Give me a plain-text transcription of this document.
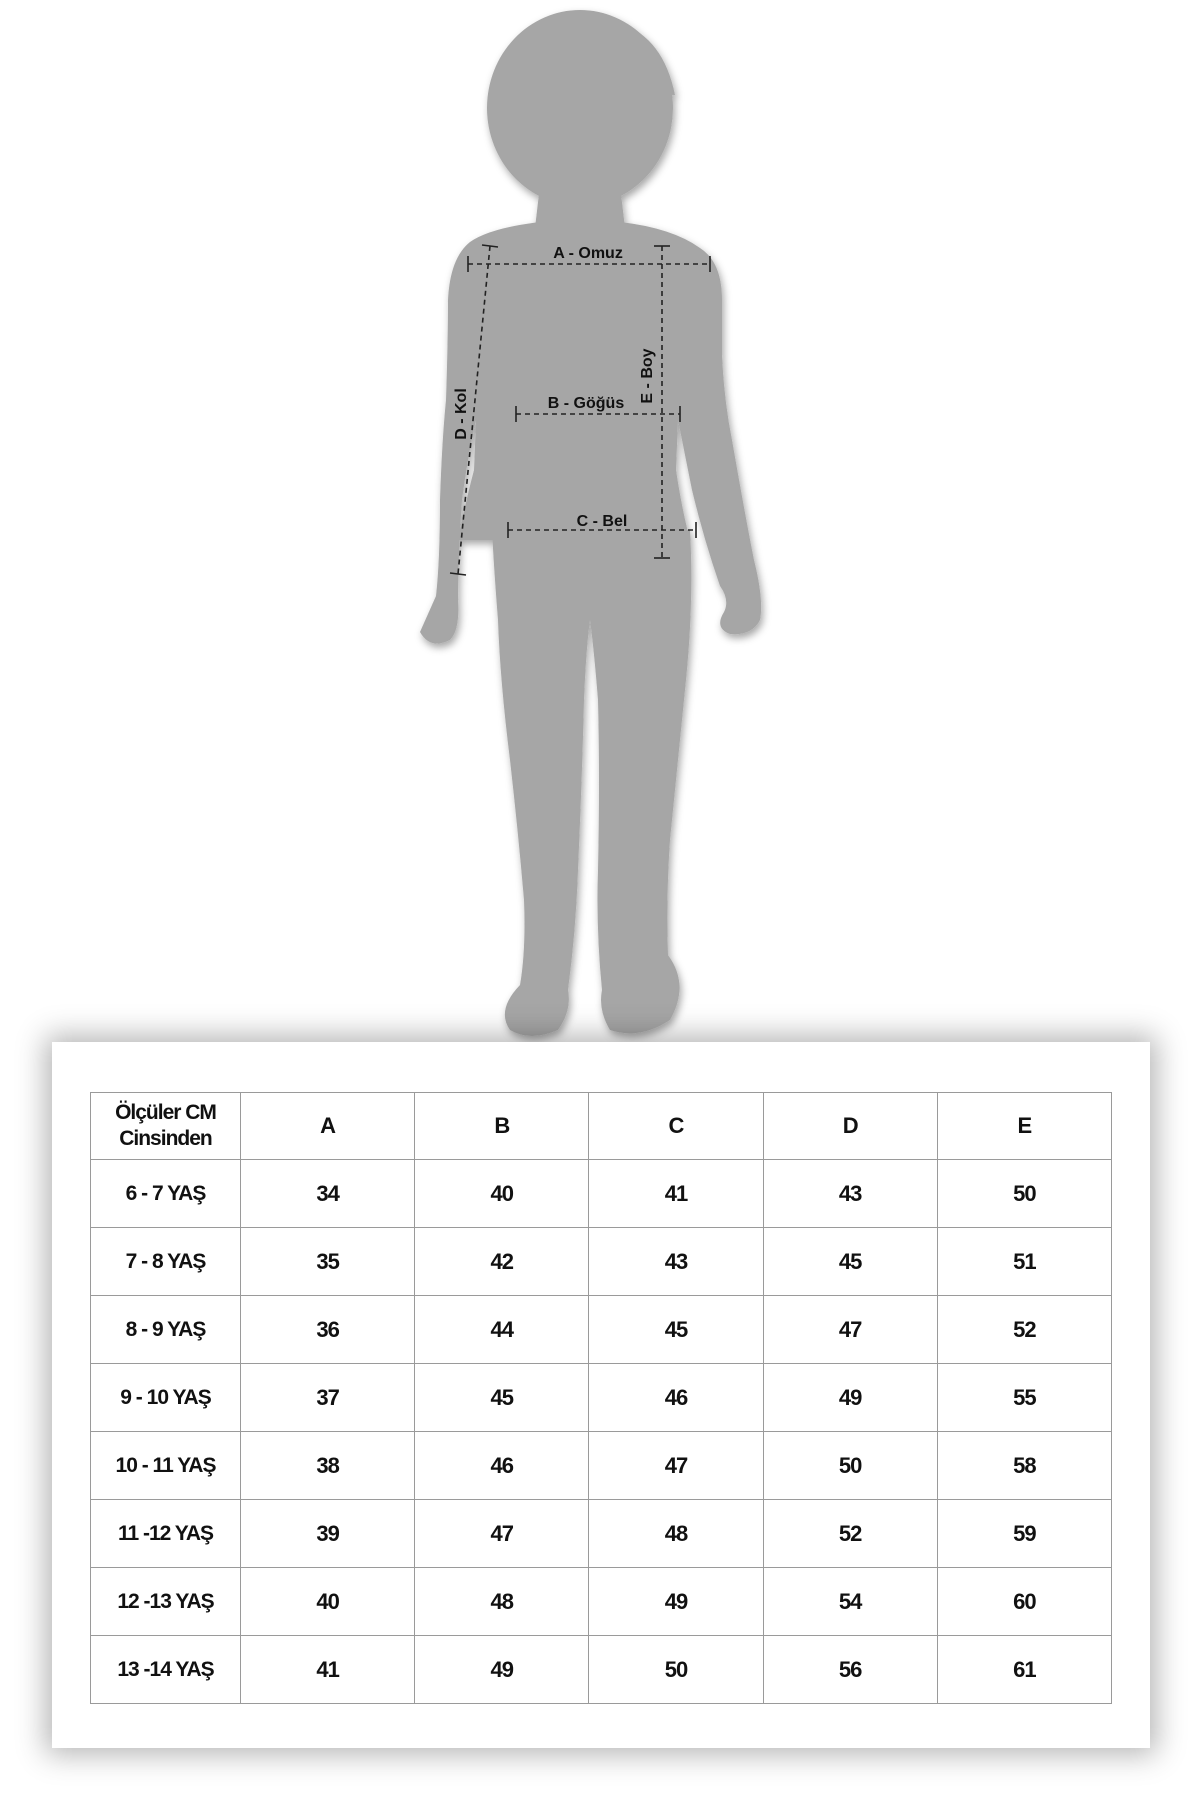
A - Omuz
B - Göğüs
C - Bel
D - Kol
E - Boy
Ölçüler CM
Cinsinden	A	B	C	D	E
6 - 7 YAŞ	34	40	41	43	50
7 - 8 YAŞ	35	42	43	45	51
8 - 9 YAŞ	36	44	45	47	52
9 - 10 YAŞ	37	45	46	49	55
10 - 11 YAŞ	38	46	47	50	58
11 -12 YAŞ	39	47	48	52	59
12 -13 YAŞ	40	48	49	54	60
13 -14 YAŞ	41	49	50	56	61
